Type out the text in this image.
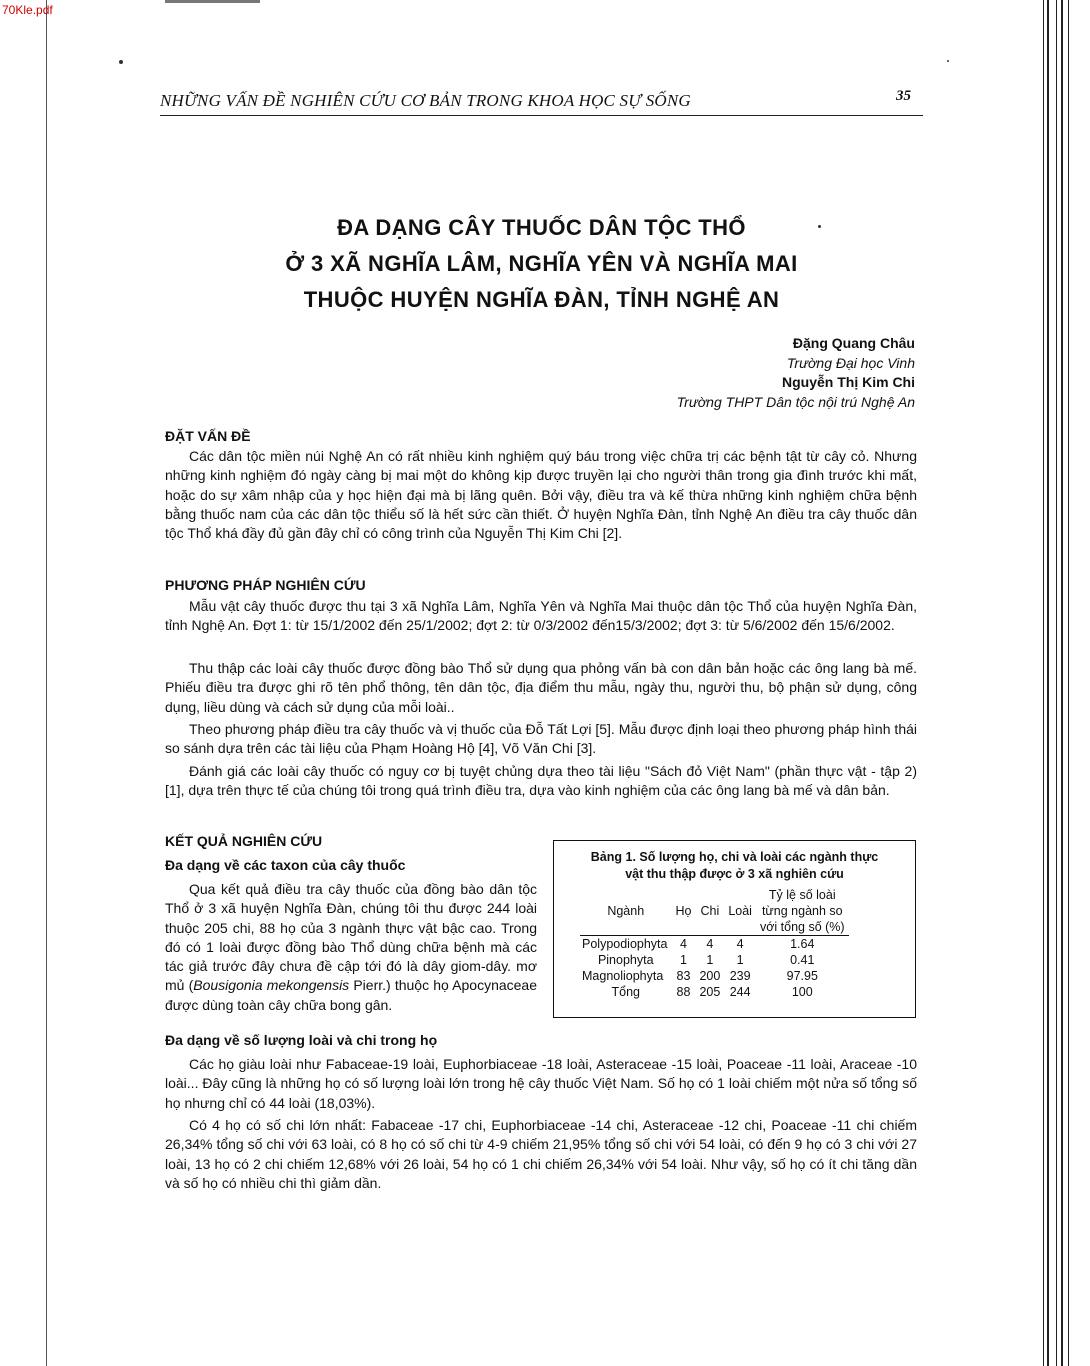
70Kle.pdf
NHỮNG VẤN ĐỀ NGHIÊN CỨU CƠ BẢN TRONG KHOA HỌC SỰ SỐNG	35
ĐA DẠNG CÂY THUỐC DÂN TỘC THỔ
Ở 3 XÃ NGHĨA LÂM, NGHĨA YÊN VÀ NGHĨA MAI
THUỘC HUYỆN NGHĨA ĐÀN, TỈNH NGHỆ AN
Đặng Quang Châu
Trường Đại học Vinh
Nguyễn Thị Kim Chi
Trường THPT Dân tộc nội trú Nghệ An
ĐẶT VẤN ĐỀ

Các dân tộc miền núi Nghệ An có rất nhiều kinh nghiệm quý báu trong việc chữa trị các bệnh tật từ cây cỏ. Nhưng những kinh nghiệm đó ngày càng bị mai một do không kịp được truyền lại cho người thân trong gia đình trước khi mất, hoặc do sự xâm nhập của y học hiện đại mà bị lãng quên. Bởi vậy, điều tra và kế thừa những kinh nghiệm chữa bệnh bằng thuốc nam của các dân tộc thiểu số là hết sức cần thiết. Ở huyện Nghĩa Đàn, tỉnh Nghệ An điều tra cây thuốc dân tộc Thổ khá đầy đủ gần đây chỉ có công trình của Nguyễn Thị Kim Chi [2].

PHƯƠNG PHÁP NGHIÊN CỨU

Mẫu vật cây thuốc được thu tại 3 xã Nghĩa Lâm, Nghĩa Yên và Nghĩa Mai thuộc dân tộc Thổ của huyện Nghĩa Đàn, tỉnh Nghệ An. Đợt 1: từ 15/1/2002 đến 25/1/2002; đợt 2: từ 0/3/2002 đến15/3/2002; đợt 3: từ 5/6/2002 đến 15/6/2002.

Thu thập các loài cây thuốc được đồng bào Thổ sử dụng qua phỏng vấn bà con dân bản hoặc các ông lang bà mế. Phiếu điều tra được ghi rõ tên phổ thông, tên dân tộc, địa điểm thu mẫu, ngày thu, người thu, bộ phận sử dụng, công dụng, liều dùng và cách sử dụng của mỗi loài..

Theo phương pháp điều tra cây thuốc và vị thuốc của Đỗ Tất Lợi [5]. Mẫu được định loại theo phương pháp hình thái so sánh dựa trên các tài liệu của Phạm Hoàng Hộ [4], Võ Văn Chi [3].

Đánh giá các loài cây thuốc có nguy cơ bị tuyệt chủng dựa theo tài liệu "Sách đỏ Việt Nam" (phần thực vật - tập 2) [1], dựa trên thực tế của chúng tôi trong quá trình điều tra, dựa vào kinh nghiệm của các ông lang bà mế và dân bản.

KẾT QUẢ NGHIÊN CỨU
Đa dạng về các taxon của cây thuốc

Qua kết quả điều tra cây thuốc của đồng bào dân tộc Thổ ở 3 xã huyện Nghĩa Đàn, chúng tôi thu được 244 loài thuộc 205 chi, 88 họ của 3 ngành thực vật bậc cao. Trong đó có 1 loài được đồng bào Thổ dùng chữa bệnh mà các tác giả trước đây chưa đề cập tới đó là dây giom-dây. mơ mủ (Bousigonia mekongensis Pierr.) thuộc họ Apocynaceae được dùng toàn cây chữa bong gân.

Bảng 1. Số lượng họ, chi và loài các ngành thực
vật thu thập được ở 3 xã nghiên cứu
Ngành	Họ	Chi	Loài	Tỷ lệ số loài
từng ngành so
với tổng số (%)

Polypodiophyta	4	4	4	1.64
Pinophyta	1	1	1	0.41
Magnoliophyta	83	200	239	97.95
Tổng	88	205	244	100
Đa dạng về số lượng loài và chi trong họ

Các họ giàu loài như Fabaceae-19 loài, Euphorbiaceae -18 loài, Asteraceae -15 loài, Poaceae -11 loài, Araceae -10 loài... Đây cũng là những họ có số lượng loài lớn trong hệ cây thuốc Việt Nam. Số họ có 1 loài chiếm một nửa số tổng số họ nhưng chỉ có 44 loài (18,03%).

Có 4 họ có số chi lớn nhất: Fabaceae -17 chi, Euphorbiaceae -14 chi, Asteraceae -12 chi, Poaceae -11 chi chiếm 26,34% tổng số chi với 63 loài, có 8 họ có số chi từ 4-9 chiếm 21,95% tổng số chi với 54 loài, có đến 9 họ có 3 chi với 27 loài, 13 họ có 2 chi chiếm 12,68% với 26 loài, 54 họ có 1 chi chiếm 26,34% với 54 loài. Như vậy, số họ có ít chi tăng dần và số họ có nhiều chi thì giảm dần.
